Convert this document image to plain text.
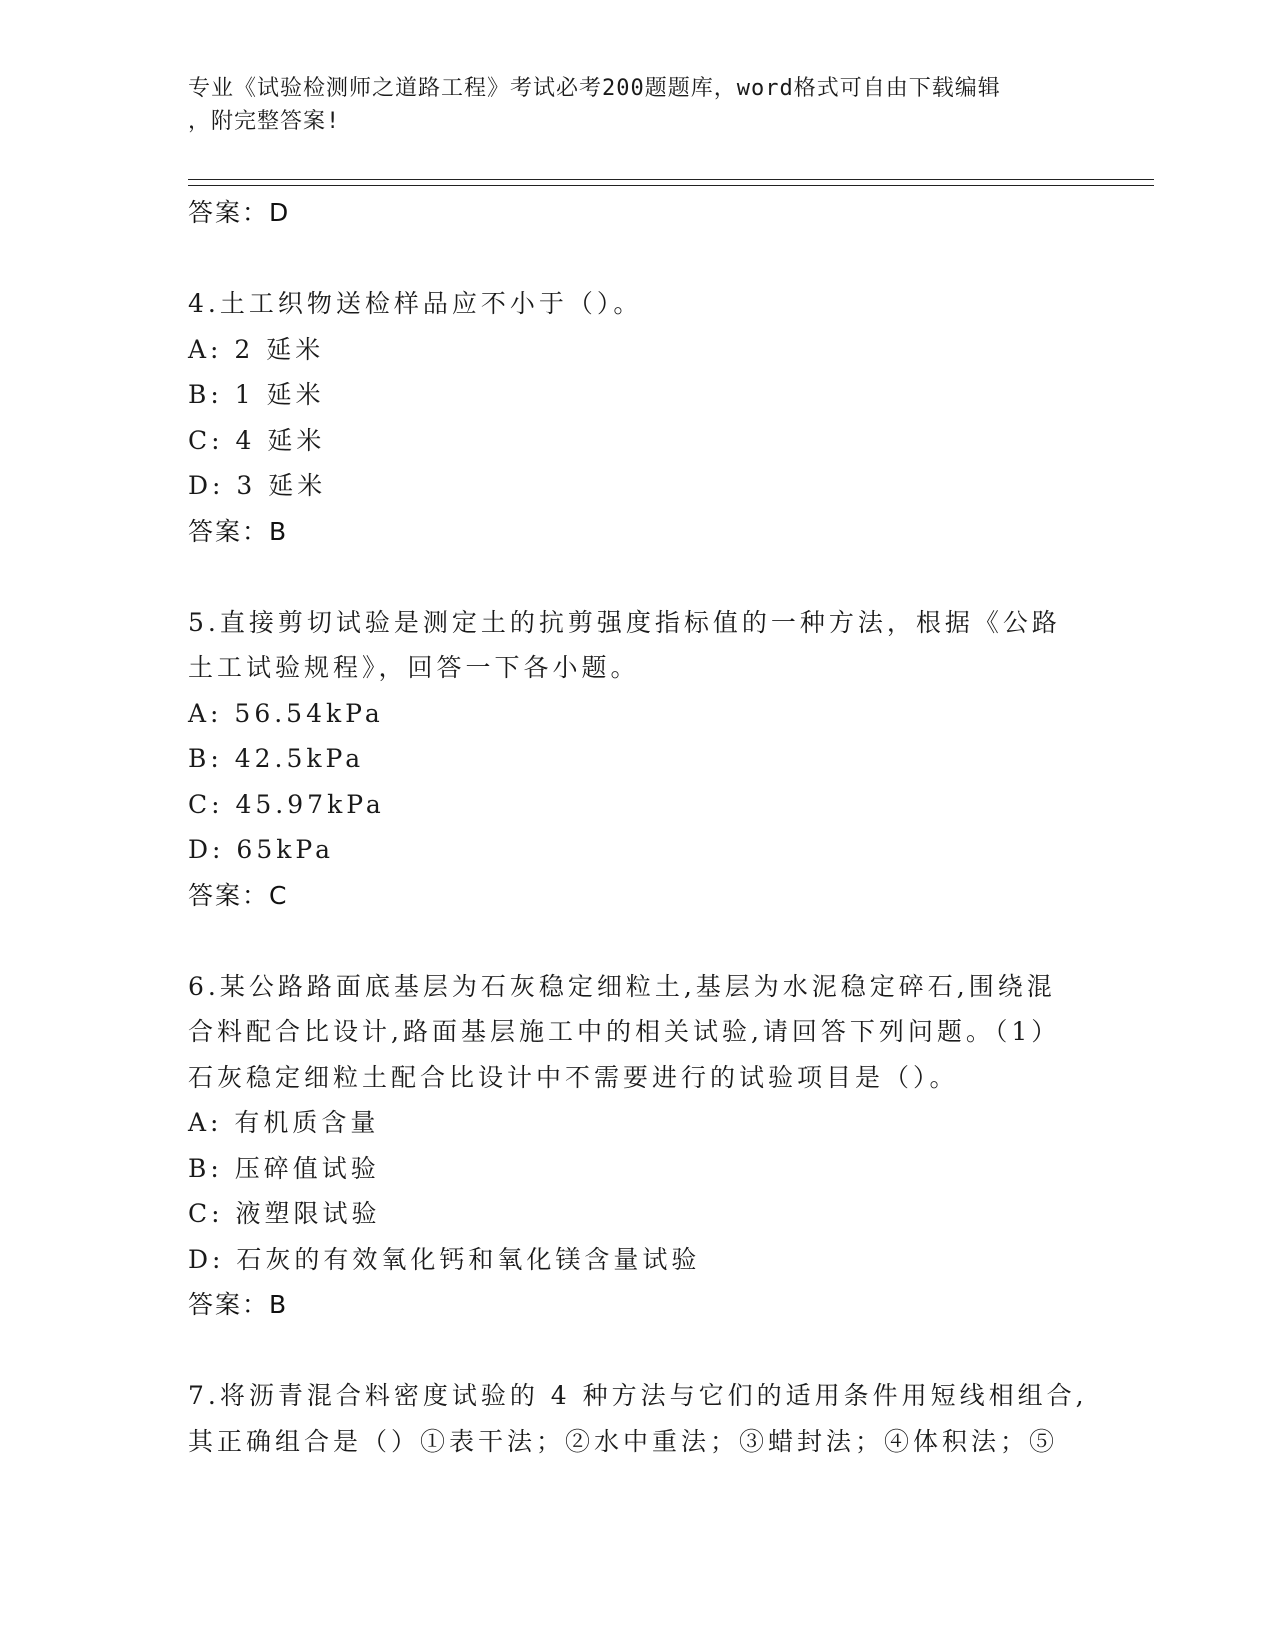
专业《试验检测师之道路工程》考试必考200题题库，word格式可自由下载编辑
，附完整答案!
答案：D
4.土工织物送检样品应不小于（）。
A: 2 延米
B: 1 延米
C: 4 延米
D: 3 延米
答案：B
5.直接剪切试验是测定土的抗剪强度指标值的一种方法，根据《公路
土工试验规程》，回答一下各小题。
A: 56.54kPa
B: 42.5kPa
C: 45.97kPa
D: 65kPa
答案：C
6.某公路路面底基层为石灰稳定细粒土,基层为水泥稳定碎石,围绕混
合料配合比设计,路面基层施工中的相关试验,请回答下列问题。（1）
石灰稳定细粒土配合比设计中不需要进行的试验项目是（）。
A: 有机质含量
B: 压碎值试验
C: 液塑限试验
D: 石灰的有效氧化钙和氧化镁含量试验
答案：B
7.将沥青混合料密度试验的 4 种方法与它们的适用条件用短线相组合,
其正确组合是（）①表干法；②水中重法；③蜡封法；④体积法；⑤
